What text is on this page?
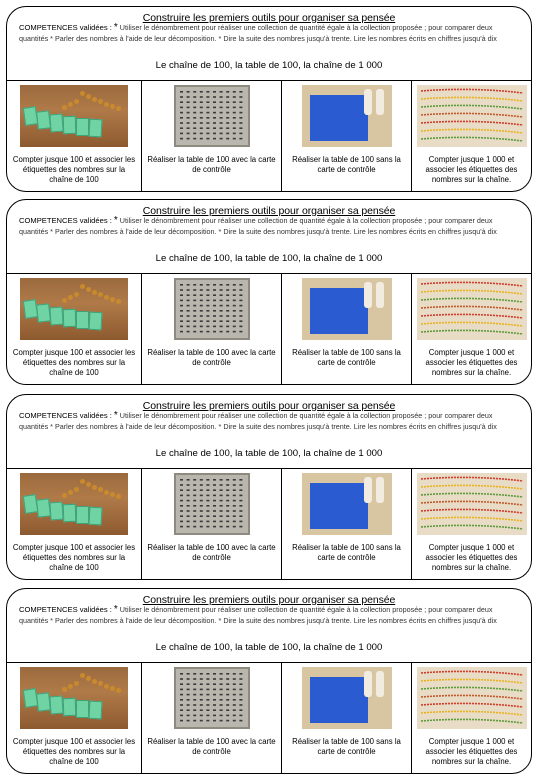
Construire les premiers outils pour organiser sa pensée
COMPETENCES validées : * Utiliser le dénombrement pour réaliser une collection de quantité égale à la collection proposée ; pour comparer deux quantités * Parler des nombres à l'aide de leur décomposition. * Dire la suite des nombres jusqu'à trente. Lire les nombres écrits en chiffres jusqu'à dix
Le chaîne de 100, la table de 100, la chaîne de 1 000
Compter jusque 100 et associer les étiquettes des nombres sur la chaîne de 100
Réaliser la table de 100 avec la carte de contrôle
Réaliser la table de 100 sans la carte de contrôle
Compter jusque 1 000 et associer les étiquettes des nombres sur la chaîne.
Construire les premiers outils pour organiser sa pensée
COMPETENCES validées : * Utiliser le dénombrement pour réaliser une collection de quantité égale à la collection proposée ; pour comparer deux quantités * Parler des nombres à l'aide de leur décomposition. * Dire la suite des nombres jusqu'à trente. Lire les nombres écrits en chiffres jusqu'à dix
Le chaîne de 100, la table de 100, la chaîne de 1 000
Compter jusque 100 et associer les étiquettes des nombres sur la chaîne de 100
Réaliser la table de 100 avec la carte de contrôle
Réaliser la table de 100 sans la carte de contrôle
Compter jusque 1 000 et associer les étiquettes des nombres sur la chaîne.
Construire les premiers outils pour organiser sa pensée
COMPETENCES validées : * Utiliser le dénombrement pour réaliser une collection de quantité égale à la collection proposée ; pour comparer deux quantités * Parler des nombres à l'aide de leur décomposition. * Dire la suite des nombres jusqu'à trente. Lire les nombres écrits en chiffres jusqu'à dix
Le chaîne de 100, la table de 100, la chaîne de 1 000
Compter jusque 100 et associer les étiquettes des nombres sur la chaîne de 100
Réaliser la table de 100 avec la carte de contrôle
Réaliser la table de 100 sans la carte de contrôle
Compter jusque 1 000 et associer les étiquettes des nombres sur la chaîne.
Construire les premiers outils pour organiser sa pensée
COMPETENCES validées : * Utiliser le dénombrement pour réaliser une collection de quantité égale à la collection proposée ; pour comparer deux quantités * Parler des nombres à l'aide de leur décomposition. * Dire la suite des nombres jusqu'à trente. Lire les nombres écrits en chiffres jusqu'à dix
Le chaîne de 100, la table de 100, la chaîne de 1 000
Compter jusque 100 et associer les étiquettes des nombres sur la chaîne de 100
Réaliser la table de 100 avec la carte de contrôle
Réaliser la table de 100 sans la carte de contrôle
Compter jusque 1 000 et associer les étiquettes des nombres sur la chaîne.
